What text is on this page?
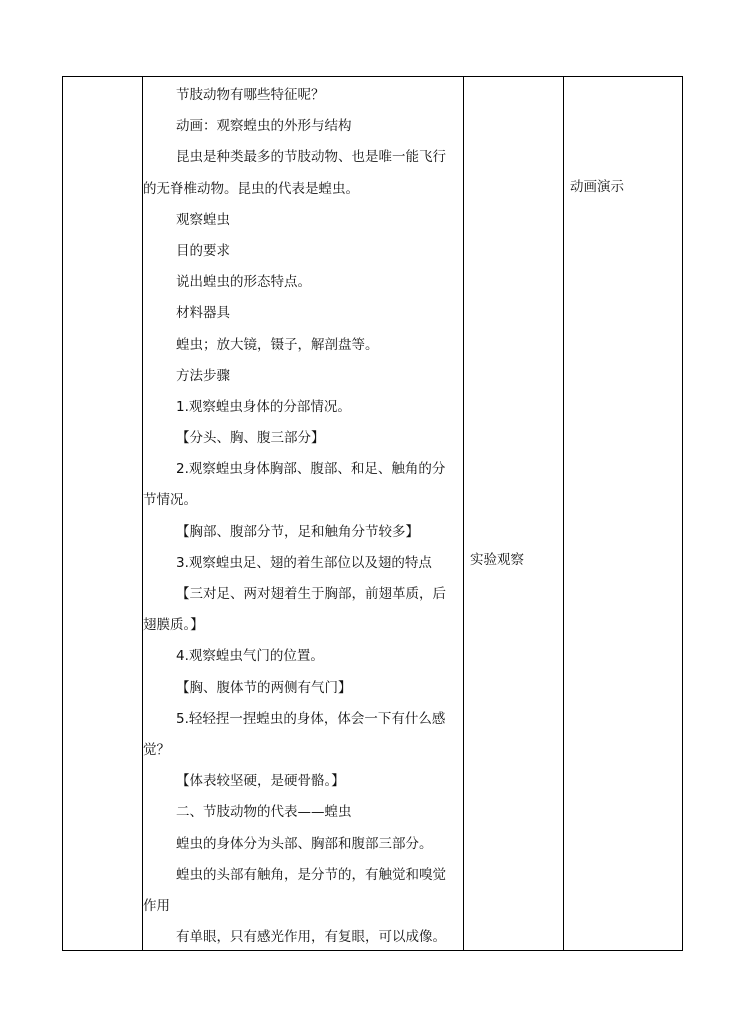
节肢动物有哪些特征呢？

动画：观察蝗虫的外形与结构

昆虫是种类最多的节肢动物、也是唯一能飞行

的无脊椎动物。昆虫的代表是蝗虫。

观察蝗虫

目的要求

说出蝗虫的形态特点。

材料器具

蝗虫；放大镜，镊子，解剖盘等。

方法步骤

1.观察蝗虫身体的分部情况。

【分头、胸、腹三部分】

2.观察蝗虫身体胸部、腹部、和足、触角的分

节情况。

【胸部、腹部分节，足和触角分节较多】

3.观察蝗虫足、翅的着生部位以及翅的特点

【三对足、两对翅着生于胸部，前翅革质，后

翅膜质。】

4.观察蝗虫气门的位置。

【胸、腹体节的两侧有气门】

5.轻轻捏一捏蝗虫的身体，体会一下有什么感

觉？

【体表较坚硬，是硬骨骼。】

二、节肢动物的代表——蝗虫

蝗虫的身体分为头部、胸部和腹部三部分。

蝗虫的头部有触角，是分节的，有触觉和嗅觉

作用

有单眼，只有感光作用，有复眼，可以成像。

实验观察
动画演示
